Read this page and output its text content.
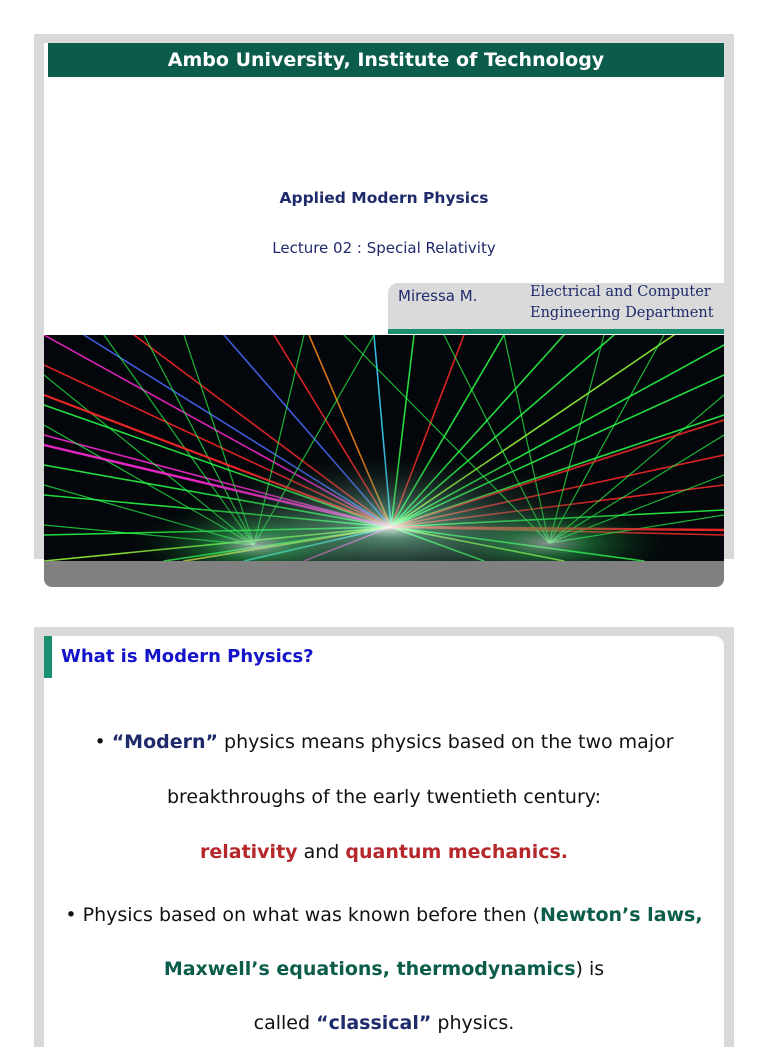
Ambo University, Institute of Technology
Applied Modern Physics
Lecture 02 : Special Relativity
Miressa M.	Electrical and Computer
Engineering Department
What is Modern Physics?
• “Modern” physics means physics based on the two major
breakthroughs of the early twentieth century:
relativity and quantum mechanics.
• Physics based on what was known before then (Newton’s laws,
Maxwell’s equations, thermodynamics) is
called “classical” physics.
